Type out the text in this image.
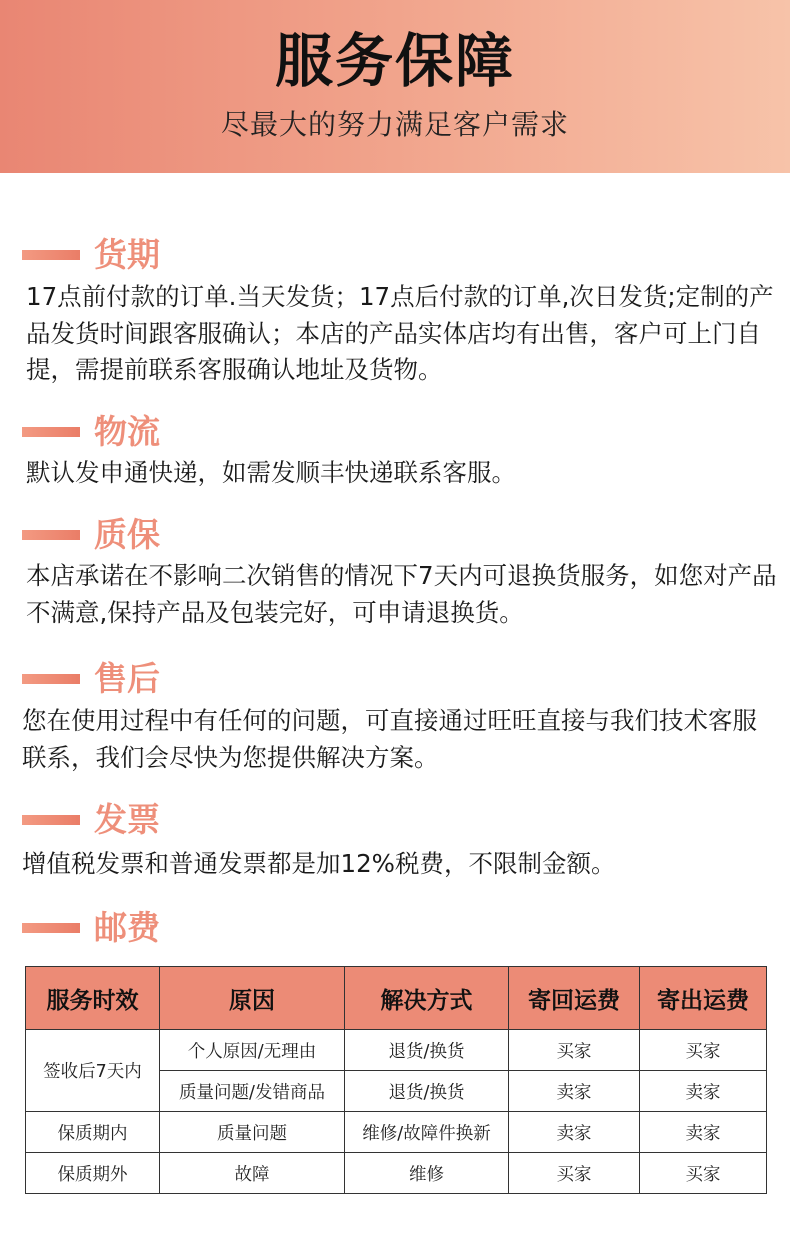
服务保障
尽最大的努力满足客户需求
货期

17点前付款的订单.当天发货；17点后付款的订单,次日发货;定制的产品发货时间跟客服确认；本店的产品实体店均有出售，客户可上门自提，需提前联系客服确认地址及货物。

物流

默认发申通快递，如需发顺丰快递联系客服。

质保

本店承诺在不影响二次销售的情况下7天内可退换货服务，如您对产品不满意,保持产品及包装完好，可申请退换货。

售后

您在使用过程中有任何的问题，可直接通过旺旺直接与我们技术客服联系，我们会尽快为您提供解决方案。

发票

增值税发票和普通发票都是加12%税费，不限制金额。

邮费
服务时效	原因	解决方式	寄回运费	寄出运费
签收后7天内	个人原因/无理由	退货/换货	买家	买家
	质量问题/发错商品	退货/换货	卖家	卖家
保质期内	质量问题	维修/故障件换新	卖家	卖家
保质期外	故障	维修	买家	买家
